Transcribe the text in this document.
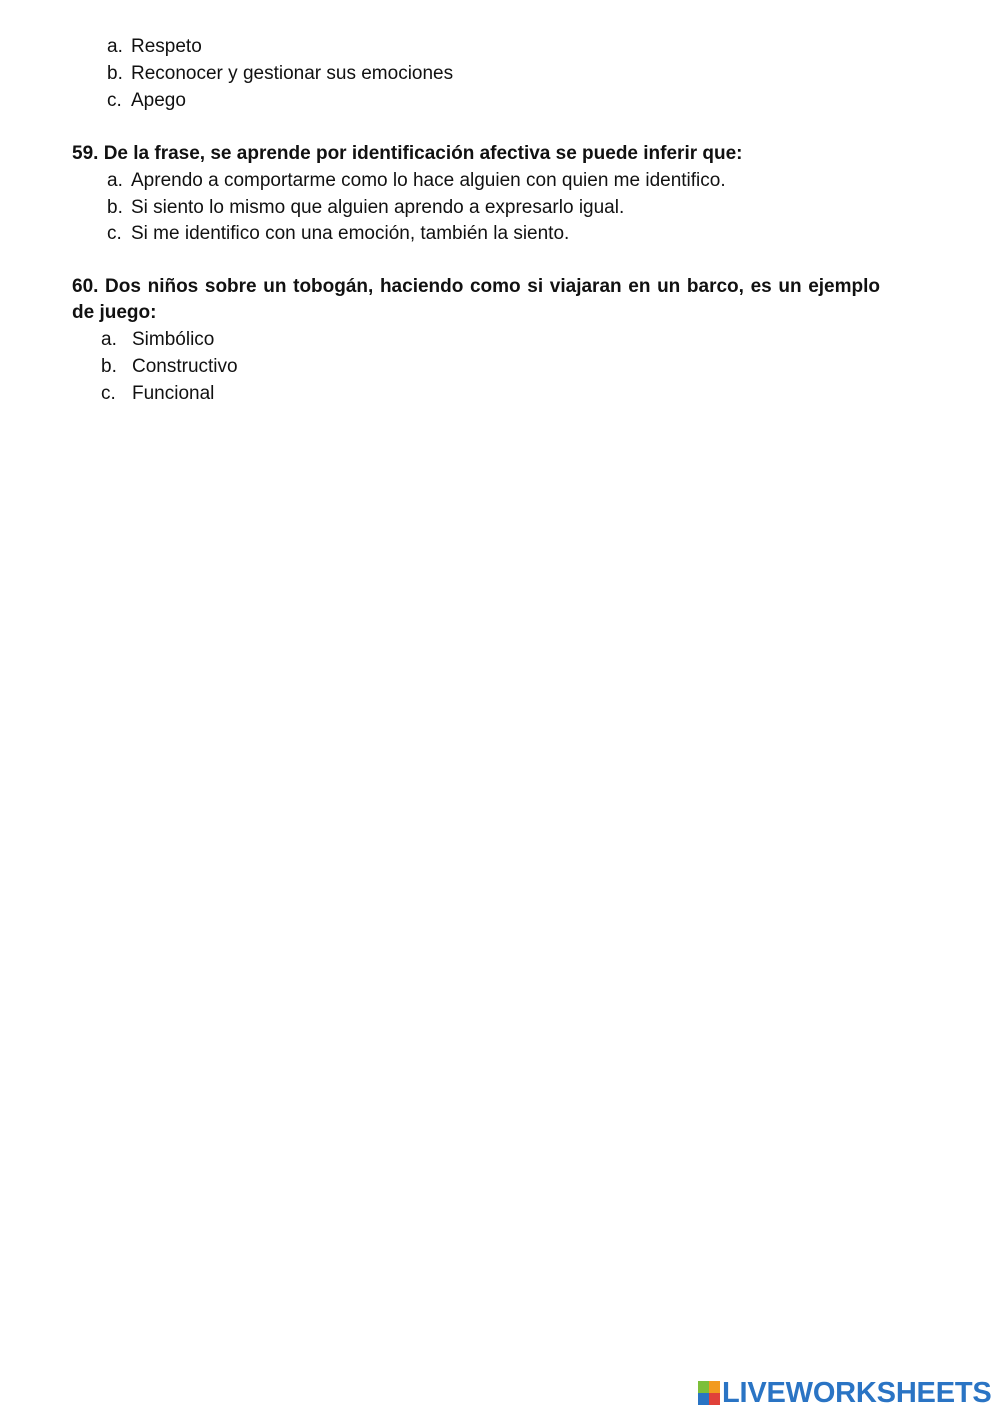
a. Respeto
b. Reconocer y gestionar sus emociones
c. Apego
59. De la frase, se aprende por identificación afectiva se puede inferir que:
a. Aprendo a comportarme como lo hace alguien con quien me identifico.
b. Si siento lo mismo que alguien aprendo a expresarlo igual.
c. Si me identifico con una emoción, también la siento.
60. Dos niños sobre un tobogán, haciendo como si viajaran en un barco, es un ejemplo de juego:
a. Simbólico
b. Constructivo
c. Funcional
LIVEWORKSHEETS
